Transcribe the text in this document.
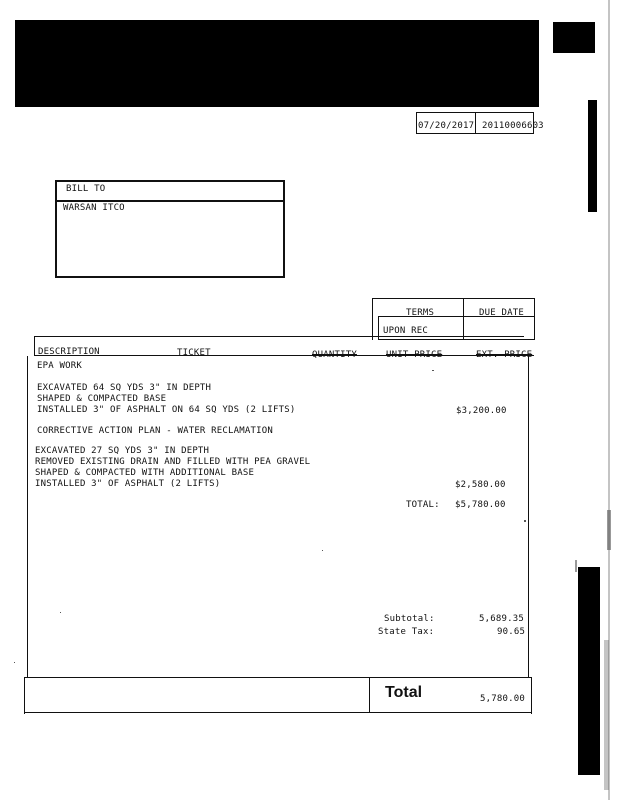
07/20/2017 20110006603
BILL TO
WARSAN ITCO
TERMS	DUE DATE
UPON REC
DESCRIPTION	TICKET	QUANTITY	UNIT PRICE	EXT. PRICE
EPA WORK
EXCAVATED 64 SQ YDS 3" IN DEPTH
SHAPED & COMPACTED BASE
INSTALLED 3" OF ASPHALT ON 64 SQ YDS (2 LIFTS)	$3,200.00
CORRECTIVE ACTION PLAN - WATER RECLAMATION
EXCAVATED 27 SQ YDS 3" IN DEPTH
REMOVED EXISTING DRAIN AND FILLED WITH PEA GRAVEL
SHAPED & COMPACTED WITH ADDITIONAL BASE
INSTALLED 3" OF ASPHALT (2 LIFTS)	$2,580.00
TOTAL: $5,780.00
Subtotal:	5,689.35
State Tax:	90.65
Total	5,780.00
